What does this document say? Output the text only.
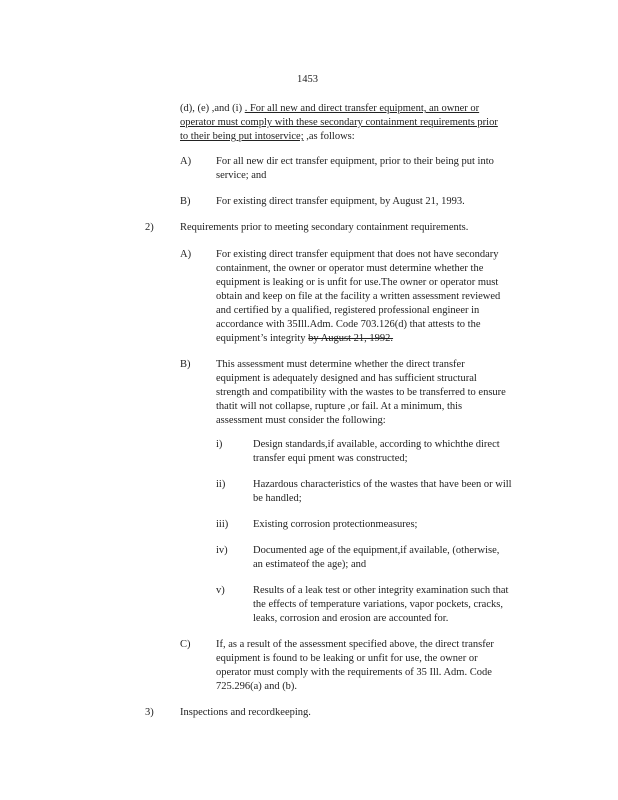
1453
(d), (e) ,and (i) . For all new and direct transfer equipment, an owner or
operator must comply with these secondary containment requirements prior
to their being put intoservice; ,as follows:
A) For all new dir ect transfer equipment, prior to their being put into
service; and
B) For existing direct transfer equipment, by August 21, 1993.
2)	Requirements prior to meeting secondary containment requirements.
A) For existing direct transfer equipment that does not have secondary
containment, the owner or operator must determine whether the
equipment is leaking or is unfit for use.The owner or operator must
obtain and keep on file at the facility a written assessment reviewed
and certified by a qualified, registered professional engineer in
accordance with 35Ill.Adm. Code 703.126(d) that attests to the
equipment’s integrity by August 21, 1992.
B) This assessment must determine whether the direct transfer
equipment is adequately designed and has sufficient structural
strength and compatibility with the wastes to be transferred to ensure
thatit will not collapse, rupture ,or fail. At a minimum, this
assessment must consider the following:
i)	Design standards,if available, according to whichthe direct
transfer equi pment was constructed;
ii)	Hazardous characteristics of the wastes that have been or will
be handled;
iii) Existing corrosion protectionmeasures;
iv) Documented age of the equipment,if available, (otherwise,
an estimateof the age); and
v)	Results of a leak test or other integrity examination such that
the effects of temperature variations, vapor pockets, cracks,
leaks, corrosion and erosion are accounted for.
C) If, as a result of the assessment specified above, the direct transfer
equipment is found to be leaking or unfit for use, the owner or
operator must comply with the requirements of 35 Ill. Adm. Code
725.296(a) and (b).
3)	Inspections and recordkeeping.
